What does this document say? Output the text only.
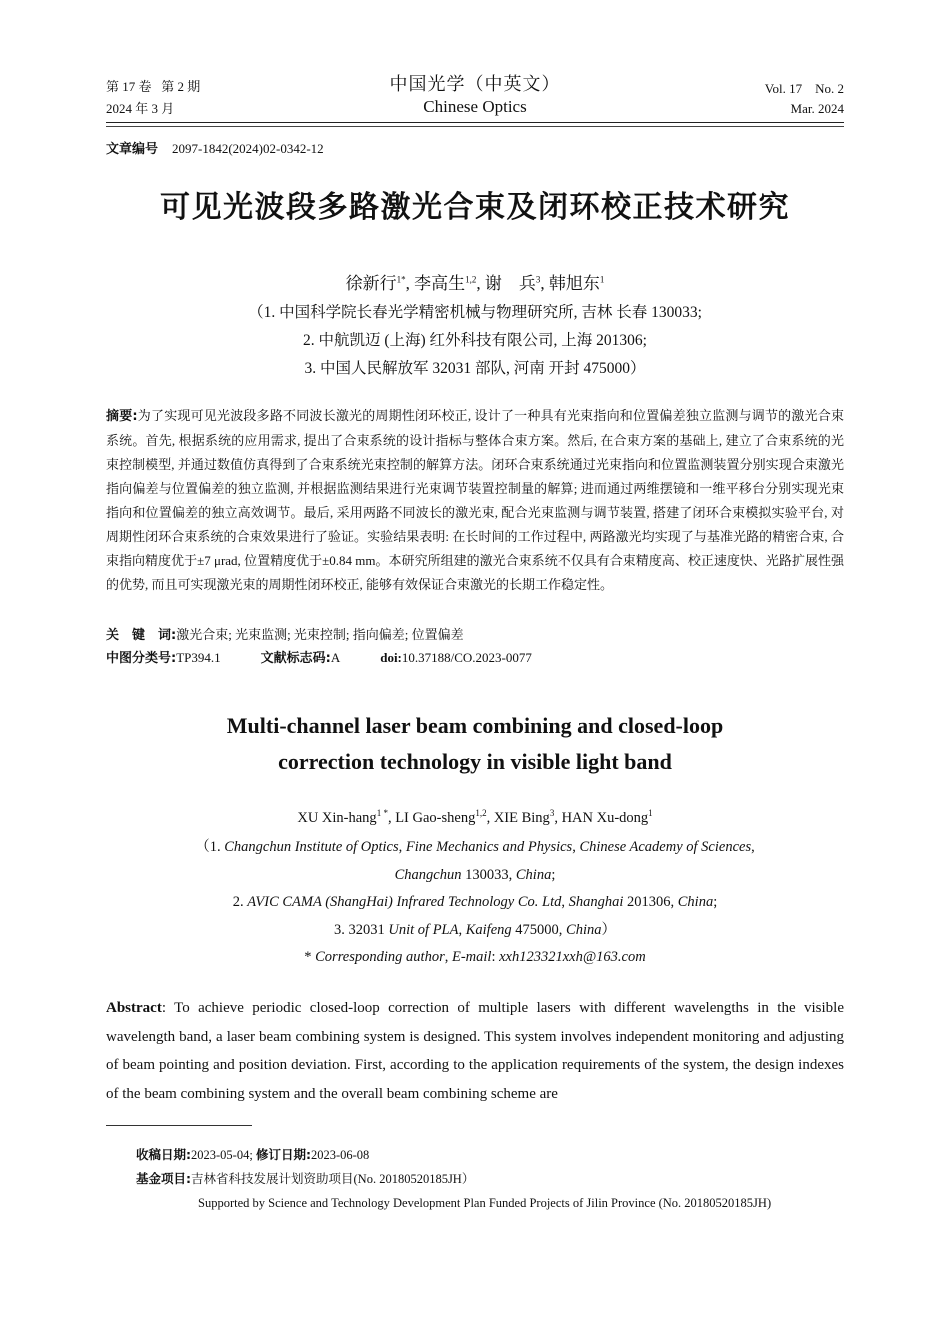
第 17 卷   第 2 期
2024 年 3 月
中国光学（中英文）
Chinese Optics
Vol. 17    No. 2
Mar. 2024
文章编号 2097-1842(2024)02-0342-12
可见光波段多路激光合束及闭环校正技术研究
徐新行$^{1*}$, 李高生$^{1,2}$, 谢　兵$^3$, 韩旭东$^1$
（1. 中国科学院长春光学精密机械与物理研究所, 吉林 长春 130033;
2. 中航凯迈 (上海) 红外科技有限公司, 上海 201306;
3. 中国人民解放军 32031 部队, 河南 开封 475000）
摘要:为了实现可见光波段多路不同波长激光的周期性闭环校正, 设计了一种具有光束指向和位置偏差独立监测与调节的激光合束系统。首先, 根据系统的应用需求, 提出了合束系统的设计指标与整体合束方案。然后, 在合束方案的基础上, 建立了合束系统的光束控制模型, 并通过数值仿真得到了合束系统光束控制的解算方法。闭环合束系统通过光束指向和位置监测装置分别实现合束激光指向偏差与位置偏差的独立监测, 并根据监测结果进行光束调节装置控制量的解算; 进而通过两维摆镜和一维平移台分别实现光束指向和位置偏差的独立高效调节。最后, 采用两路不同波长的激光束, 配合光束监测与调节装置, 搭建了闭环合束模拟实验平台, 对周期性闭环合束系统的合束效果进行了验证。实验结果表明: 在长时间的工作过程中, 两路激光均实现了与基准光路的精密合束, 合束指向精度优于±7 μrad, 位置精度优于±0.84 mm。本研究所组建的激光合束系统不仅具有合束精度高、校正速度快、光路扩展性强的优势, 而且可实现激光束的周期性闭环校正, 能够有效保证合束激光的长期工作稳定性。
关　键　词:激光合束; 光束监测; 光束控制; 指向偏差; 位置偏差
中图分类号:TP394.1	文献标志码:A	doi:10.37188/CO.2023-0077
Multi-channel laser beam combining and closed-loop
correction technology in visible light band
XU Xin-hang$^{1 *}$, LI Gao-sheng$^{1,2}$, XIE Bing$^3$, HAN Xu-dong$^1$
（1. Changchun Institute of Optics, Fine Mechanics and Physics, Chinese Academy of Sciences,
Changchun 130033, China;
2. AVIC CAMA (ShangHai) Infrared Technology Co. Ltd, Shanghai 201306, China;
3. 32031 Unit of PLA, Kaifeng 475000, China）
* Corresponding author, E-mail: xxh123321xxh@163.com
Abstract: To achieve periodic closed-loop correction of multiple lasers with different wavelengths in the visible wavelength band, a laser beam combining system is designed. This system involves independent monitoring and adjusting of beam pointing and position deviation. First, according to the application requirements of the system, the design indexes of the beam combining system and the overall beam combining scheme are
收稿日期:2023-05-04; 修订日期:2023-06-08
基金项目:吉林省科技发展计划资助项目(No. 20180520185JH）
Supported by Science and Technology Development Plan Funded Projects of Jilin Province (No. 20180520185JH)
